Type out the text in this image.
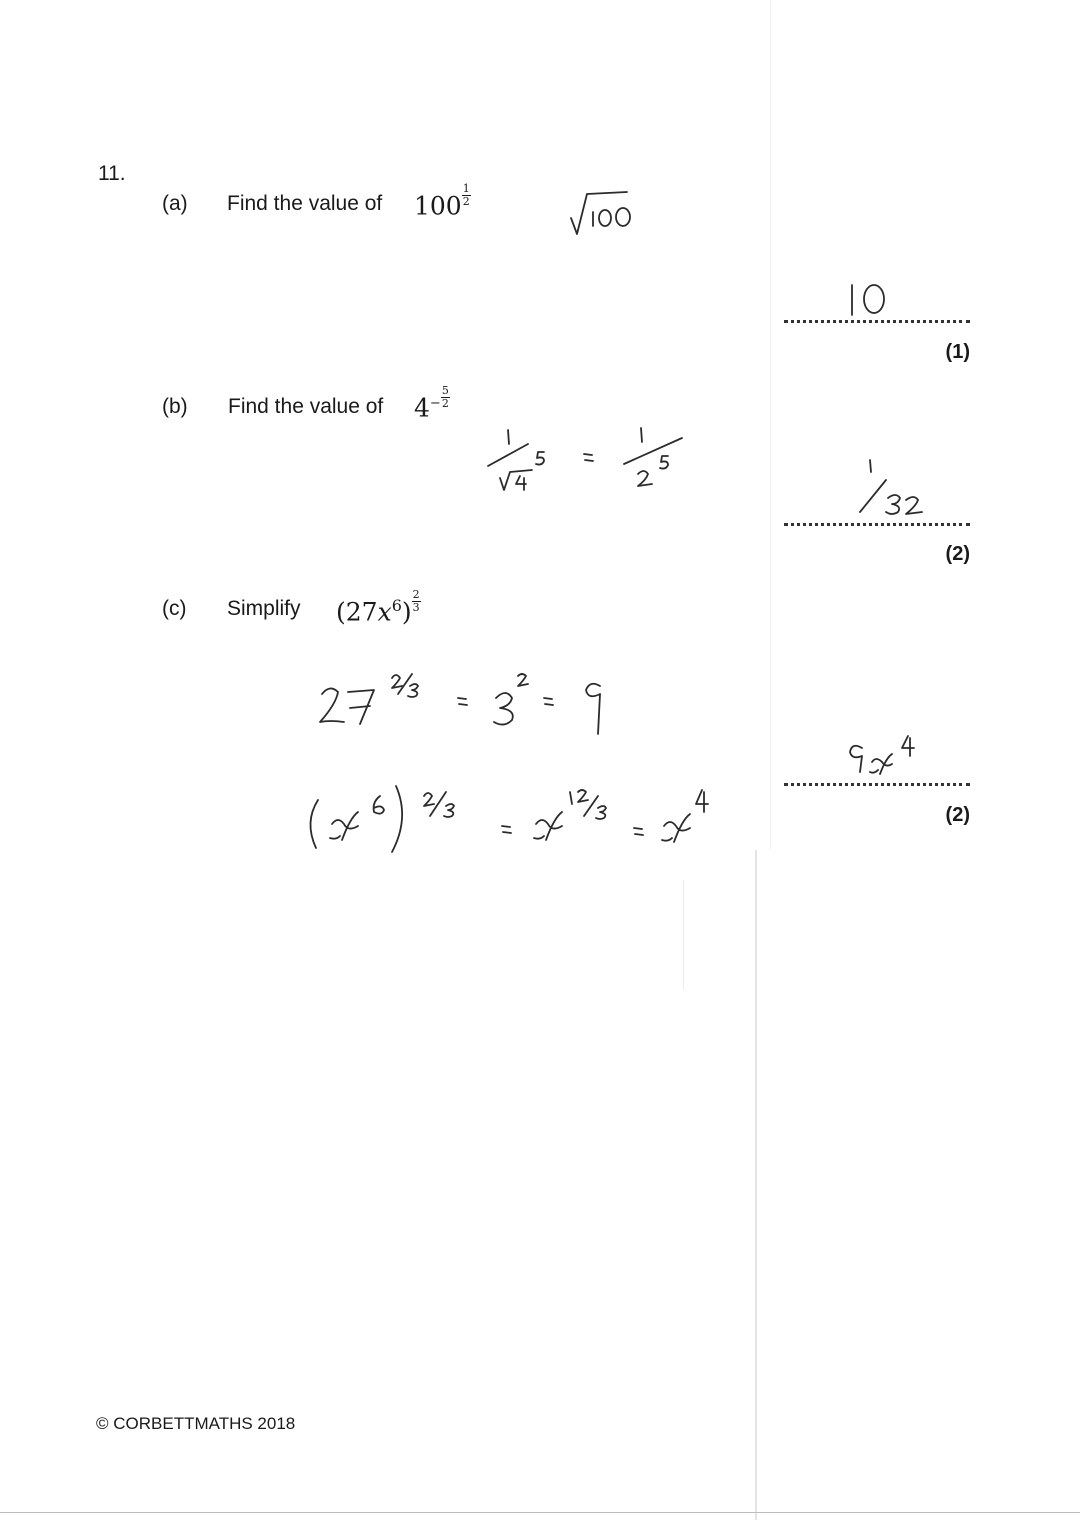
11.
(a) Find the value of $100 \frac{1}{2}$
(1)
(b) Find the value of $4- \frac{5}{2}$
(2)
(c) Simplify $(27x^6) \frac{2}{3}$
(2)
© CORBETTMATHS 2018
